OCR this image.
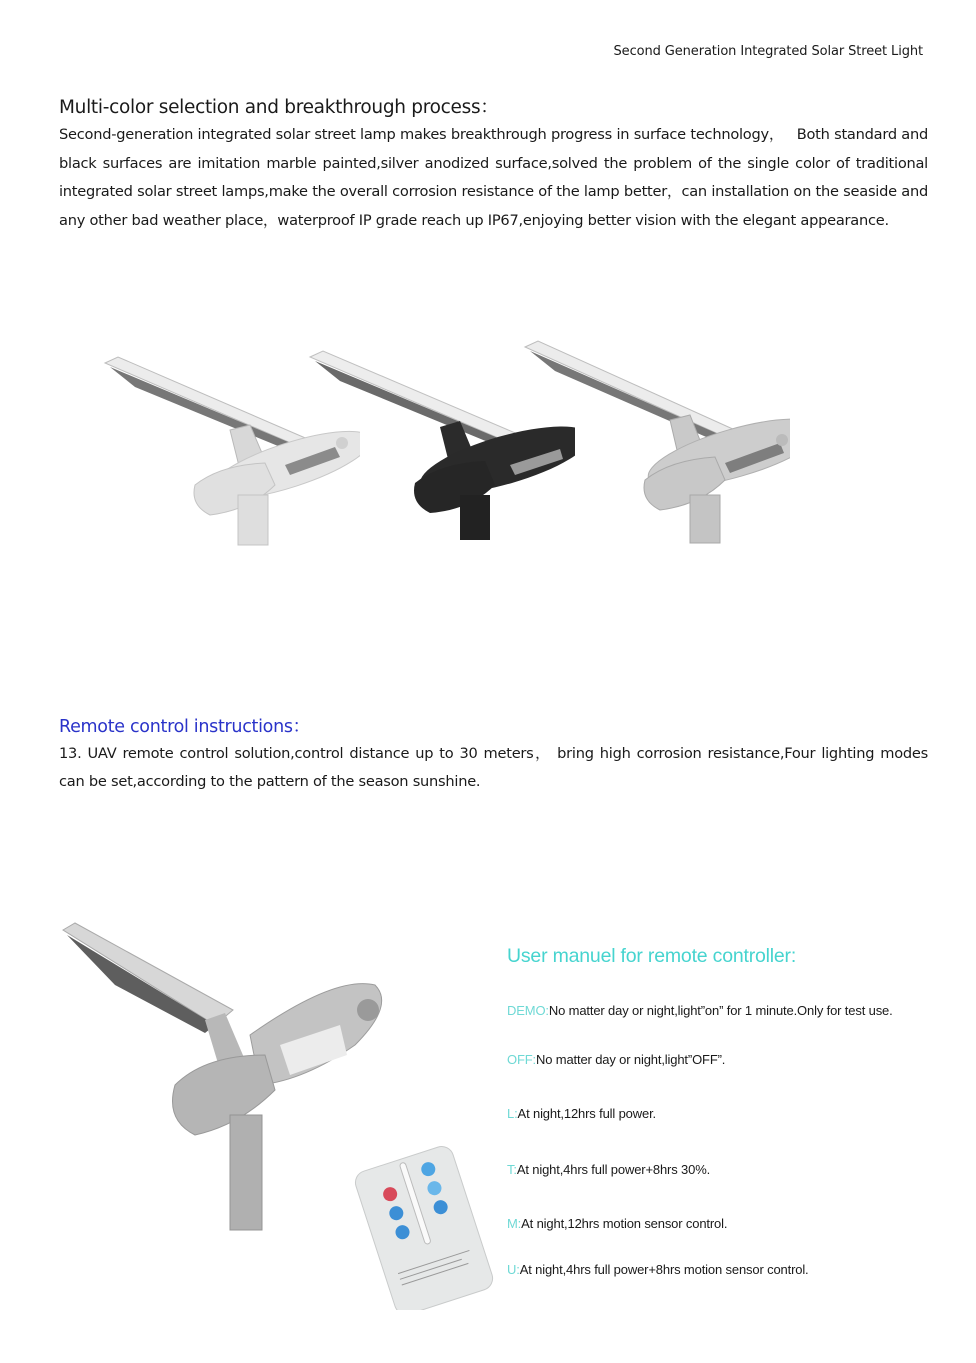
Second Generation Integrated Solar Street Light
Multi-color selection and breakthrough process：
Second-generation integrated solar street lamp makes breakthrough progress in surface technology，   Both standard and black surfaces are imitation marble painted,silver anodized surface,solved the problem of the single color of traditional integrated solar street lamps,make the overall corrosion resistance of the lamp better，can installation on the seaside and any other bad weather place，waterproof IP grade reach up IP67,enjoying better vision with the elegant appearance.
Remote control instructions：
13. UAV remote control solution,control distance up to 30 meters， bring high corrosion resistance,Four lighting modes can be set,according to the pattern of the season sunshine.
User manuel for remote controller:
DEMO:No matter day or night,light”on” for 1 minute.Only for test use.
OFF:No matter day or night,light”OFF”.
L:At night,12hrs full power.
T:At night,4hrs full power+8hrs 30%.
M:At night,12hrs motion sensor control.
U:At night,4hrs full power+8hrs motion sensor control.
